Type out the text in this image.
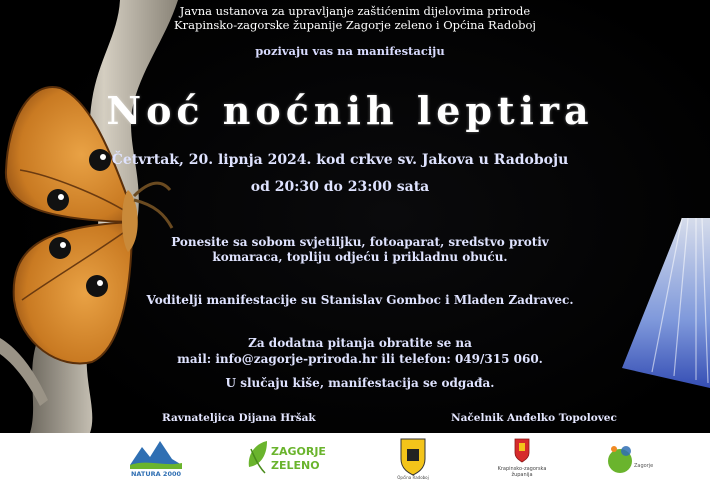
Javna ustanova za upravljanje zaštićenim dijelovima prirode
Krapinsko-zagorske županije Zagorje zeleno i Općina Radoboj
pozivaju vas na manifestaciju
Noć noćnih leptira
Četvrtak, 20. lipnja 2024. kod crkve sv. Jakova u Radoboju
od 20:30 do 23:00 sata
Ponesite sa sobom svjetiljku, fotoaparat, sredstvo protiv
komaraca, topliju odjeću i prikladnu obuću.
Voditelji manifestacije su Stanislav Gomboc i Mladen Zadravec.
Za dodatna pitanja obratite se na
mail: info@zagorje-priroda.hr ili telefon: 049/315 060.
U slučaju kiše, manifestacija se odgađa.
Ravnateljica Dijana Hršak	Načelnik Anđelko Topolovec
NATURA 2000
ZAGORJE
ZELENO
Općina Radoboj
Krapinsko-zagorska
županija
Zagorje
